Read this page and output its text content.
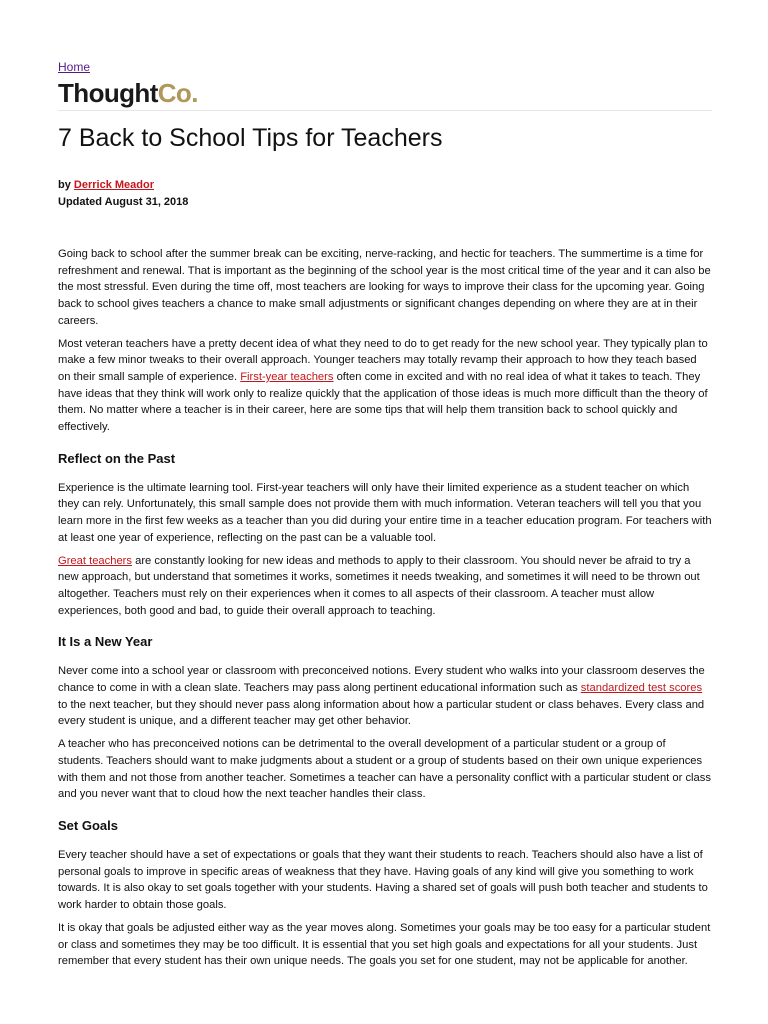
Home
ThoughtCo.
7 Back to School Tips for Teachers
by Derrick Meador
Updated August 31, 2018

Going back to school after the summer break can be exciting, nerve-racking, and hectic for teachers. The summertime is a time for refreshment and renewal. That is important as the beginning of the school year is the most critical time of the year and it can also be the most stressful. Even during the time off, most teachers are looking for ways to improve their class for the upcoming year. Going back to school gives teachers a chance to make small adjustments or significant changes depending on where they are at in their careers.

Most veteran teachers have a pretty decent idea of what they need to do to get ready for the new school year. They typically plan to make a few minor tweaks to their overall approach. Younger teachers may totally revamp their approach to how they teach based on their small sample of experience. First-year teachers often come in excited and with no real idea of what it takes to teach. They have ideas that they think will work only to realize quickly that the application of those ideas is much more difficult than the theory of them. No matter where a teacher is in their career, here are some tips that will help them transition back to school quickly and effectively.

Reflect on the Past

Experience is the ultimate learning tool. First-year teachers will only have their limited experience as a student teacher on which they can rely. Unfortunately, this small sample does not provide them with much information. Veteran teachers will tell you that you learn more in the first few weeks as a teacher than you did during your entire time in a teacher education program. For teachers with at least one year of experience, reflecting on the past can be a valuable tool.

Great teachers are constantly looking for new ideas and methods to apply to their classroom. You should never be afraid to try a new approach, but understand that sometimes it works, sometimes it needs tweaking, and sometimes it will need to be thrown out altogether. Teachers must rely on their experiences when it comes to all aspects of their classroom. A teacher must allow experiences, both good and bad, to guide their overall approach to teaching.

It Is a New Year

Never come into a school year or classroom with preconceived notions. Every student who walks into your classroom deserves the chance to come in with a clean slate. Teachers may pass along pertinent educational information such as standardized test scores to the next teacher, but they should never pass along information about how a particular student or class behaves. Every class and every student is unique, and a different teacher may get other behavior.

A teacher who has preconceived notions can be detrimental to the overall development of a particular student or a group of students. Teachers should want to make judgments about a student or a group of students based on their own unique experiences with them and not those from another teacher. Sometimes a teacher can have a personality conflict with a particular student or class and you never want that to cloud how the next teacher handles their class.

Set Goals

Every teacher should have a set of expectations or goals that they want their students to reach. Teachers should also have a list of personal goals to improve in specific areas of weakness that they have. Having goals of any kind will give you something to work towards. It is also okay to set goals together with your students. Having a shared set of goals will push both teacher and students to work harder to obtain those goals.

It is okay that goals be adjusted either way as the year moves along. Sometimes your goals may be too easy for a particular student or class and sometimes they may be too difficult. It is essential that you set high goals and expectations for all your students. Just remember that every student has their own unique needs. The goals you set for one student, may not be applicable for another.
